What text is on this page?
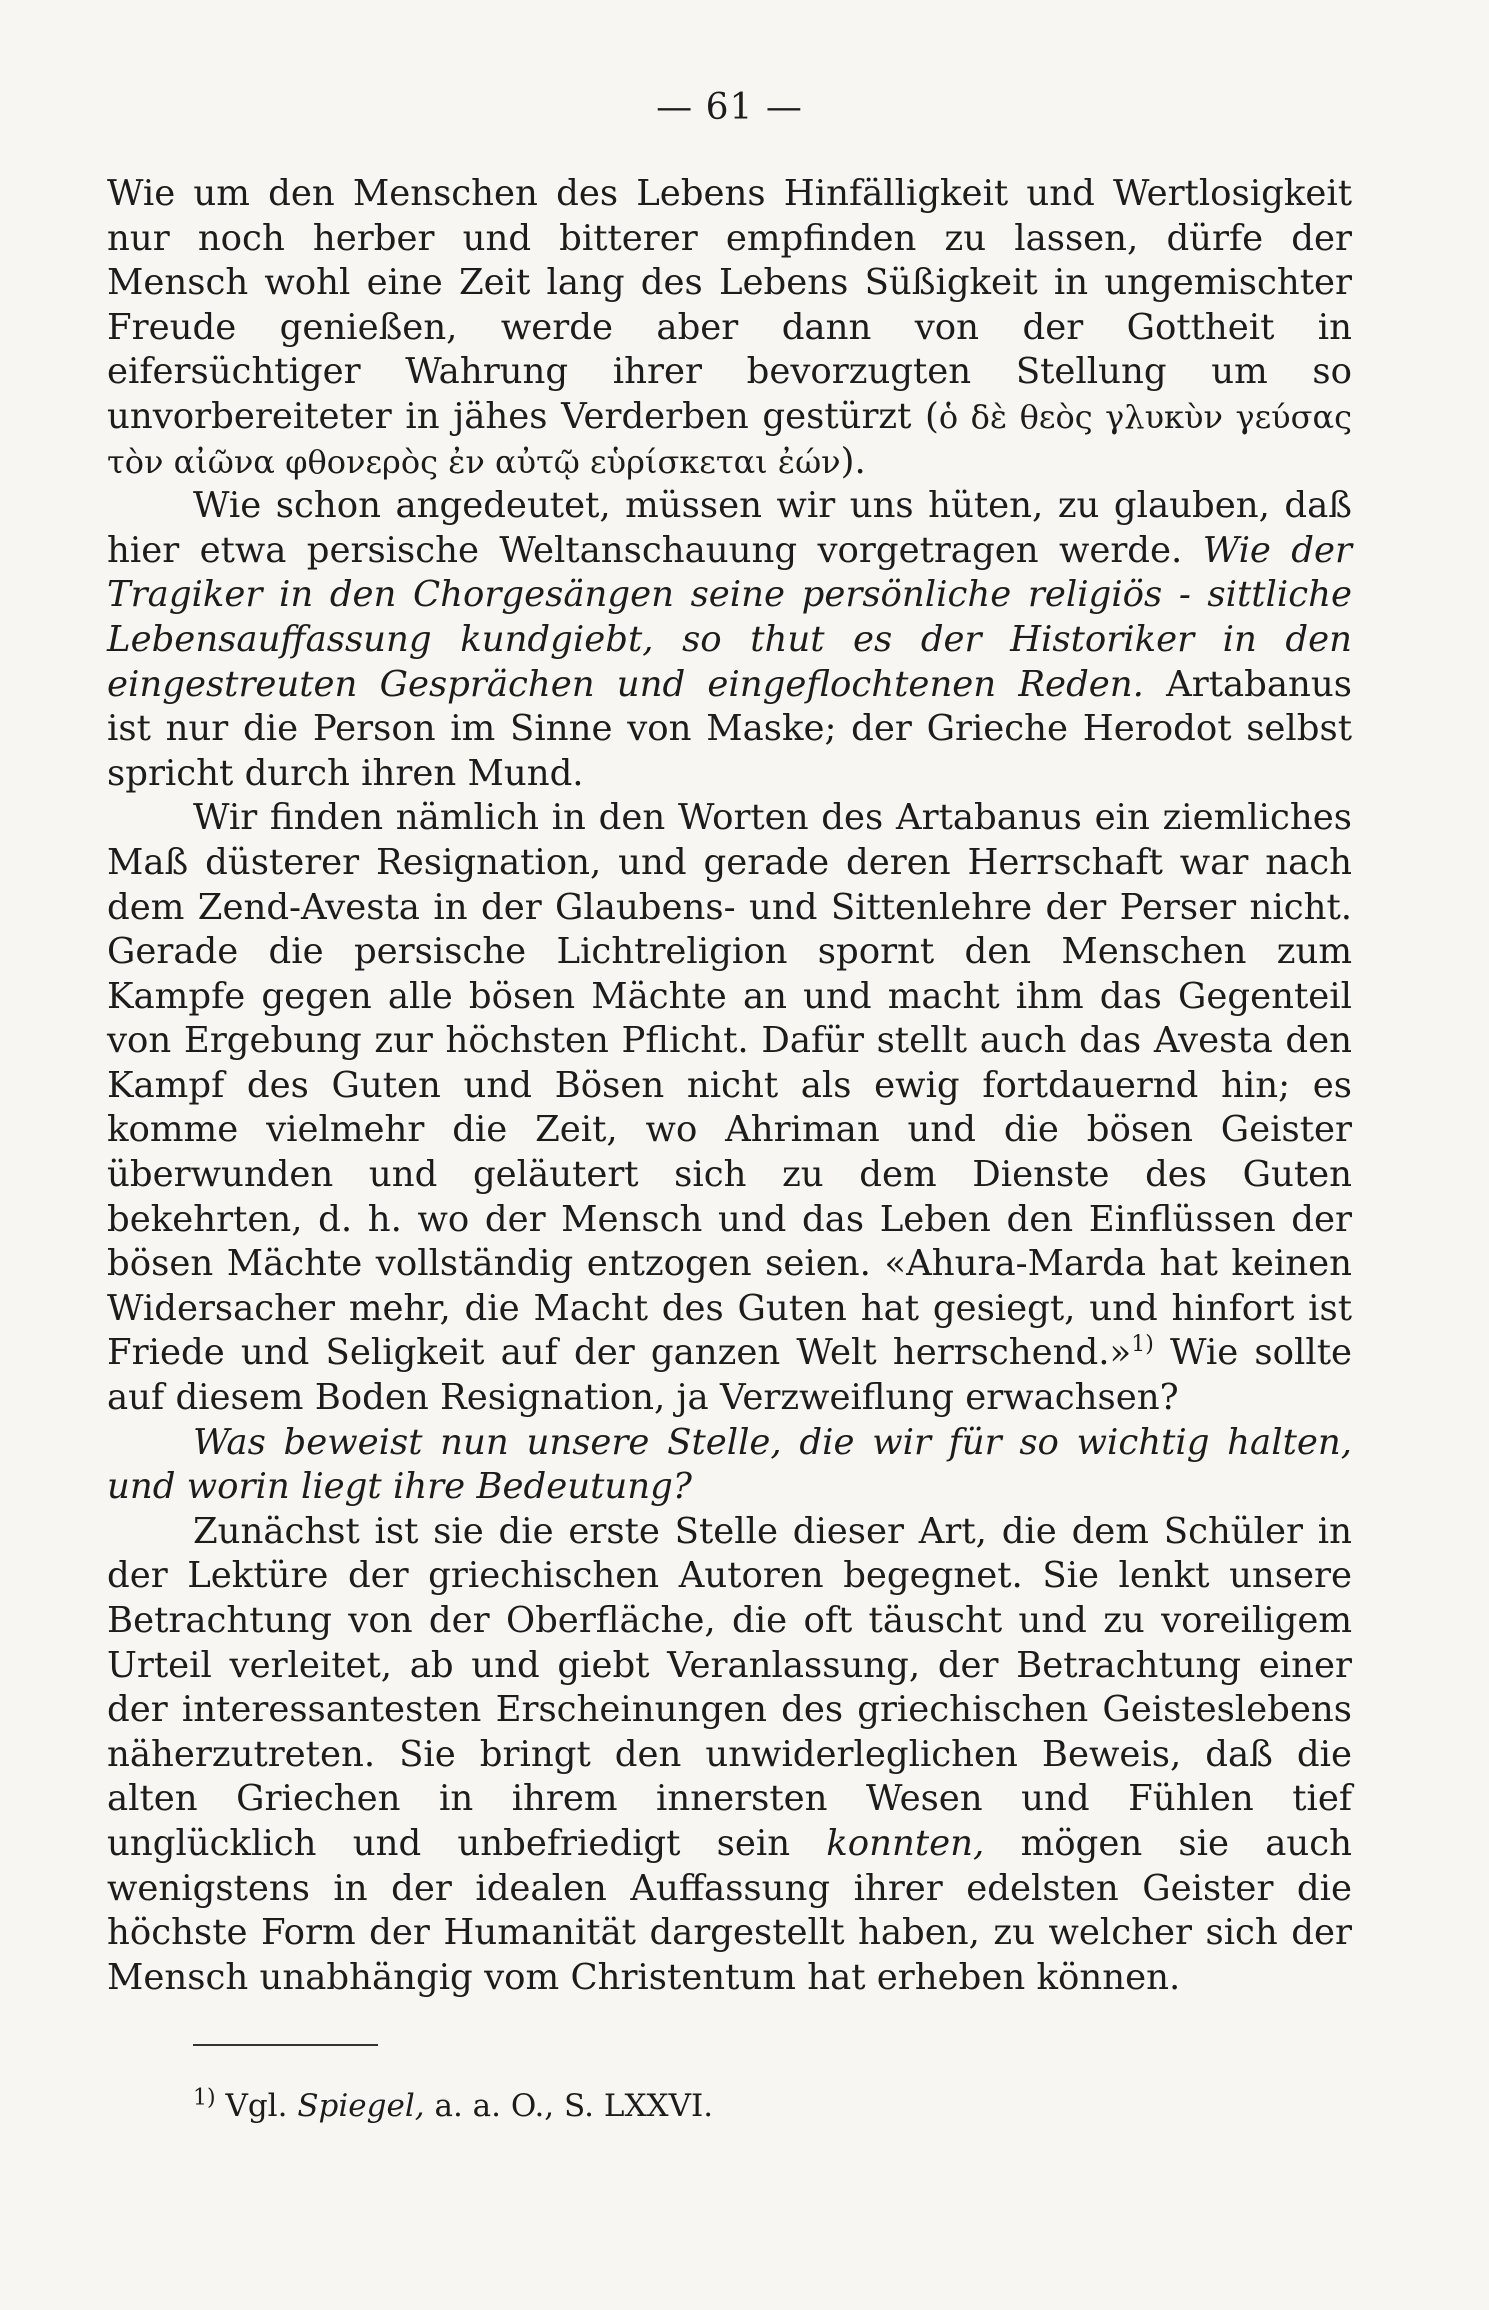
— 61 —

Wie um den Menschen des Lebens Hinfälligkeit und Wertlosigkeit nur noch herber und bitterer empfinden zu lassen, dürfe der Mensch wohl eine Zeit lang des Lebens Süßigkeit in ungemischter Freude genießen, werde aber dann von der Gottheit in eifersüchtiger Wahrung ihrer bevorzugten Stellung um so unvorbereiteter in jähes Verderben gestürzt (ὁ δὲ θεὸς γλυκὺν γεύσας τὸν αἰῶνα φθονερὸς ἐν αὐτῷ εὑρίσκεται ἐών).

Wie schon angedeutet, müssen wir uns hüten, zu glauben, daß hier etwa persische Weltanschauung vorgetragen werde. Wie der Tragiker in den Chorgesängen seine persönliche religiös - sittliche Lebensauffassung kundgiebt, so thut es der Historiker in den eingestreuten Gesprächen und eingeflochtenen Reden. Artabanus ist nur die Person im Sinne von Maske; der Grieche Herodot selbst spricht durch ihren Mund.

Wir finden nämlich in den Worten des Artabanus ein ziemliches Maß düsterer Resignation, und gerade deren Herrschaft war nach dem Zend-Avesta in der Glaubens- und Sittenlehre der Perser nicht. Gerade die persische Lichtreligion spornt den Menschen zum Kampfe gegen alle bösen Mächte an und macht ihm das Gegenteil von Ergebung zur höchsten Pflicht. Dafür stellt auch das Avesta den Kampf des Guten und Bösen nicht als ewig fortdauernd hin; es komme vielmehr die Zeit, wo Ahriman und die bösen Geister überwunden und geläutert sich zu dem Dienste des Guten bekehrten, d. h. wo der Mensch und das Leben den Einflüssen der bösen Mächte vollständig entzogen seien. «Ahura-Marda hat keinen Widersacher mehr, die Macht des Guten hat gesiegt, und hinfort ist Friede und Seligkeit auf der ganzen Welt herrschend.»$^{1)}$ Wie sollte auf diesem Boden Resignation, ja Verzweiflung erwachsen?

Was beweist nun unsere Stelle, die wir für so wichtig halten, und worin liegt ihre Bedeutung?

Zunächst ist sie die erste Stelle dieser Art, die dem Schüler in der Lektüre der griechischen Autoren begegnet. Sie lenkt unsere Betrachtung von der Oberfläche, die oft täuscht und zu voreiligem Urteil verleitet, ab und giebt Veranlassung, der Betrachtung einer der interessantesten Erscheinungen des griechischen Geisteslebens näherzutreten. Sie bringt den unwiderleglichen Beweis, daß die alten Griechen in ihrem innersten Wesen und Fühlen tief unglücklich und unbefriedigt sein konnten, mögen sie auch wenigstens in der idealen Auffassung ihrer edelsten Geister die höchste Form der Humanität dargestellt haben, zu welcher sich der Mensch unabhängig vom Christentum hat erheben können.

$^{1)}$ Vgl. Spiegel, a. a. O., S. LXXVI.
